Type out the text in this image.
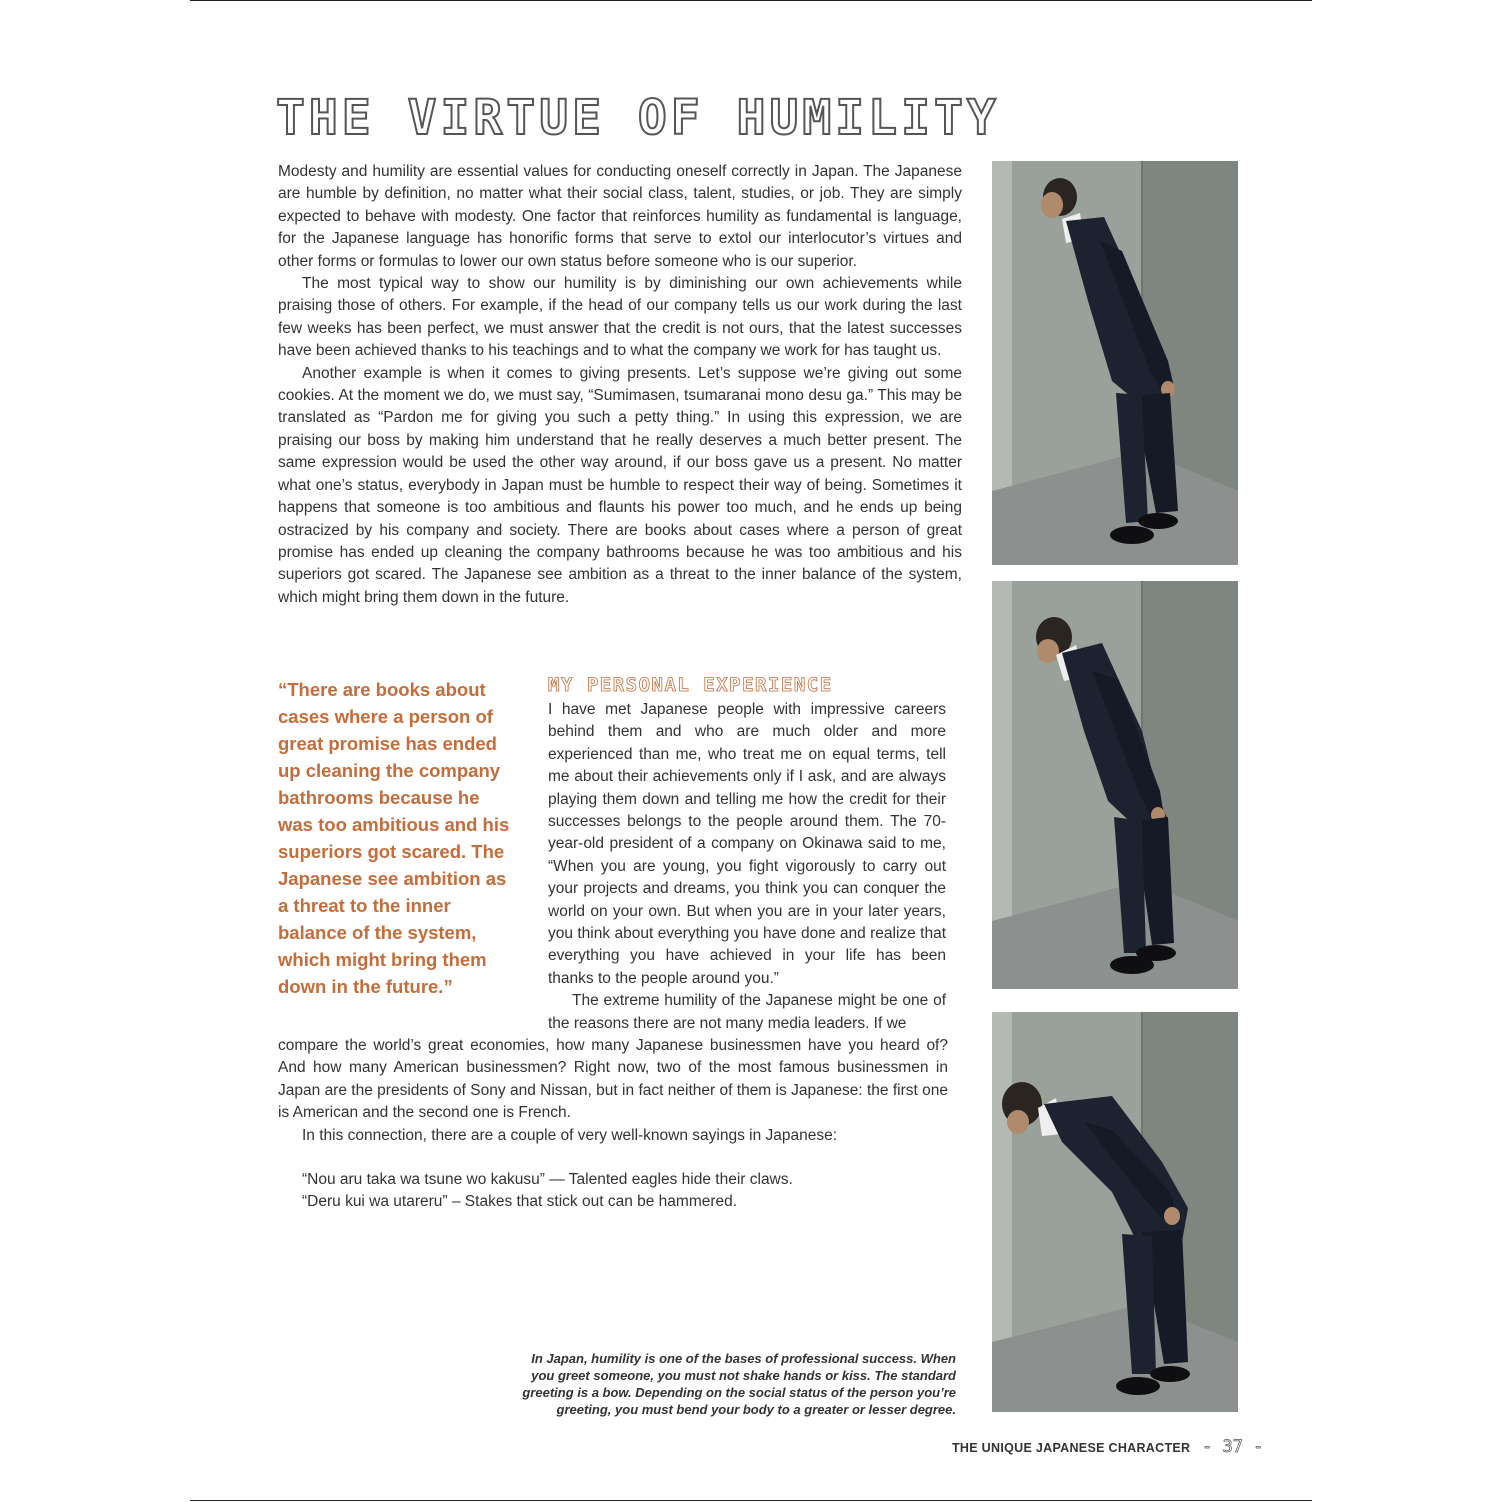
THE VIRTUE OF HUMILITY

Modesty and humility are essential values for conducting oneself correctly in Japan. The Japanese are humble by definition, no matter what their social class, talent, studies, or job. They are simply expected to behave with modesty. One factor that reinforces humility as fundamental is language, for the Japanese language has honorific forms that serve to extol our interlocutor’s virtues and other forms or formulas to lower our own status before someone who is our superior.

The most typical way to show our humility is by diminishing our own achievements while praising those of others. For example, if the head of our company tells us our work during the last few weeks has been perfect, we must answer that the credit is not ours, that the latest successes have been achieved thanks to his teachings and to what the company we work for has taught us.

Another example is when it comes to giving presents. Let’s suppose we’re giving out some cookies. At the moment we do, we must say, “Sumimasen, tsumaranai mono desu ga.” This may be translated as “Pardon me for giving you such a petty thing.” In using this expression, we are praising our boss by making him understand that he really deserves a much better present. The same expression would be used the other way around, if our boss gave us a present. No matter what one’s status, everybody in Japan must be humble to respect their way of being. Sometimes it happens that someone is too ambitious and flaunts his power too much, and he ends up being ostracized by his company and society. There are books about cases where a person of great promise has ended up cleaning the company bathrooms because he was too ambitious and his superiors got scared. The Japanese see ambition as a threat to the inner balance of the system, which might bring them down in the future.

“There are books about cases where a person of great promise has ended up cleaning the company bathrooms because he was too ambitious and his superiors got scared. The Japanese see ambition as a threat to the inner balance of the system, which might bring them down in the future.”

MY PERSONAL EXPERIENCE

I have met Japanese people with impressive careers behind them and who are much older and more experienced than me, who treat me on equal terms, tell me about their achievements only if I ask, and are always playing them down and telling me how the credit for their successes belongs to the people around them. The 70-year-old president of a company on Okinawa said to me, “When you are young, you fight vigorously to carry out your projects and dreams, you think you can conquer the world on your own. But when you are in your later years, you think about everything you have done and realize that everything you have achieved in your life has been thanks to the people around you.”

The extreme humility of the Japanese might be one of the reasons there are not many media leaders. If we

compare the world’s great economies, how many Japanese businessmen have you heard of? And how many American businessmen? Right now, two of the most famous businessmen in Japan are the presidents of Sony and Nissan, but in fact neither of them is Japanese: the first one is American and the second one is French.

In this connection, there are a couple of very well-known sayings in Japanese:

“Nou aru taka wa tsune wo kakusu” — Talented eagles hide their claws.
“Deru kui wa utareru” – Stakes that stick out can be hammered.

In Japan, humility is one of the bases of professional success. When you greet someone, you must not shake hands or kiss. The standard greeting is a bow. Depending on the social status of the person you’re greeting, you must bend your body to a greater or lesser degree.

THE UNIQUE JAPANESE CHARACTER - 37 -
